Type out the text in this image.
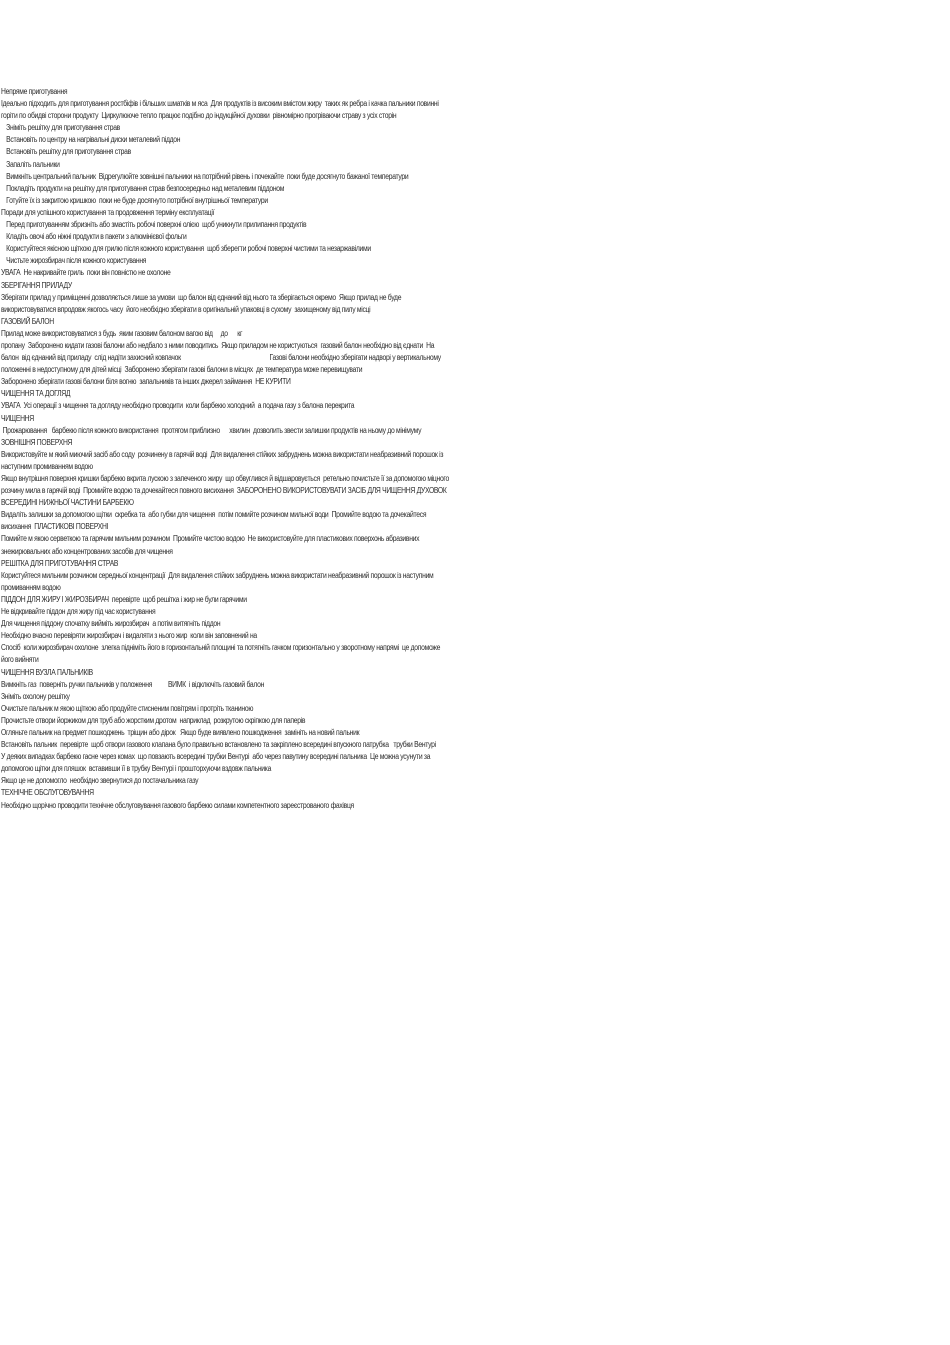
Непряме приготування

Ідеально підходить для приготування ростбіфів і більших шматків м яса  Для продуктів із високим вмістом жиру  таких як ребра і качка пальники повинні горіти по обидві сторони продукту  Циркулююче тепло працює подібно до індукційної духовки  рівномірно прогріваючи страву з усіх сторін

Зніміть решітку для приготування страв

Встановіть по центру на нагрівальні диски металевий піддон

Встановіть решітку для приготування страв

Запаліть пальники

Вимкніть центральний пальник  Відрегулюйте зовнішні пальники на потрібний рівень і почекайте  поки буде досягнуто бажаної температури

Покладіть продукти на решітку для приготування страв безпосередньо над металевим піддоном

Готуйте їх із закритою кришкою  поки не буде досягнуто потрібної внутрішньої температури

Поради для успішного користування та продовження терміну експлуатації

Перед приготуванням збризніть або змастіть робочі поверхні олією  щоб уникнути прилипання продуктів

Кладіть овочі або ніжні продукти в пакети з алюмінієвої фольги

Користуйтеся якісною щіткою для грилю після кожного користування  щоб зберегти робочі поверхні чистими та незаржавілими

Чистьте жирозбирач після кожного користування

УВАГА  Не накривайте гриль  поки він повністю не охолоне

ЗБЕРІГАННЯ ПРИЛАДУ

Зберігати прилад у приміщенні дозволяється лише за умови  що балон від єднаний від нього та зберігається окремо  Якщо прилад не буде використовуватися впродовж якогось часу  його необхідно зберігати в оригінальній упаковці в сухому  захищеному від пилу місці

ГАЗОВИЙ БАЛОН

Прилад може використовуватися з будь  яким газовим балоном вагою від     до      кг
пропану  Заборонено кидати газові балони або недбало з ними поводитись  Якщо приладом не користуються  газовий балон необхідно від єднати  На балон  від єднаний від приладу  слід надіти захисний ковпачок                                                        Газові балони необхідно зберігати надворі у вертикальному положенні в недоступному для дітей місці  Заборонено зберігати газові балони в місцях  де температура може перевищувати

Заборонено зберігати газові балони біля вогню  запальників та інших джерел займання  НЕ КУРИТИ

ЧИЩЕННЯ ТА ДОГЛЯД

УВАГА  Усі операції з чищення та догляду необхідно проводити  коли барбекю холодний  а подача газу з балона перекрита

ЧИЩЕННЯ

Прожарювання   барбекю після кожного використання  протягом приблизно      хвилин  дозволить звести залишки продуктів на ньому до мінімуму

ЗОВНІШНЯ ПОВЕРХНЯ

Використовуйте м який миючий засіб або соду  розчинену в гарячій воді  Для видалення стійких забруднень можна використати неабразивний порошок із наступним промиванням водою

Якщо внутрішня поверхня кришки барбекю вкрита лускою з запеченого жиру  що обвуглився й відшаровується  ретельно почистьте її за допомогою міцного розчину мила в гарячій воді  Промийте водою та дочекайтеся повного висихання  ЗАБОРОНЕНО ВИКОРИСТОВУВАТИ ЗАСІБ ДЛЯ ЧИЩЕННЯ ДУХОВОК

ВСЕРЕДИНІ НИЖНЬОЇ ЧАСТИНИ БАРБЕКЮ

Видаліть залишки за допомогою щітки  скребка та  або губки для чищення  потім помийте розчином мильної води  Промийте водою та дочекайтеся висихання  ПЛАСТИКОВІ ПОВЕРХНІ

Помийте м якою серветкою та гарячим мильним розчином  Промийте чистою водою  Не використовуйте для пластикових поверхонь абразивних  знежирювальних або концентрованих засобів для чищення

РЕШІТКА ДЛЯ ПРИГОТУВАННЯ СТРАВ

Користуйтеся мильним розчином середньої концентрації  Для видалення стійких забруднень можна використати неабразивний порошок із наступним промиванням водою

ПІДДОН ДЛЯ ЖИРУ І ЖИРОЗБИРАЧ  перевірте  щоб решітка і жир не були гарячими

Не відкривайте піддон для жиру під час користування

Для чищення піддону спочатку вийміть жирозбирач  а потім витягніть піддон

Необхідно вчасно перевіряти жирозбирач і видаляти з нього жир  коли він заповнений на

Спосіб  коли жирозбирач охолоне  злегка підніміть його в горизонтальній площині та потягніть гачком горизонтально у зворотному напрямі  це допоможе його вийняти

ЧИЩЕННЯ ВУЗЛА ПАЛЬНИКІВ

Вимкніть газ  поверніть ручки пальників у положення          ВИМК  і відключіть газовий балон

Зніміть охолону решітку

Очистьте пальник м якою щіткою або продуйте стисненим повітрям і протріть тканиною

Прочистьте отвори йоржиком для труб або жорстким дротом  наприклад  розкрутою скріпкою для паперів

Огляньте пальник на предмет пошкоджень  тріщин або дірок   Якщо буде виявлено пошкодження  замініть на новий пальник

Встановіть пальник  перевірте  щоб отвори газового клапана було правильно встановлено та закріплено всередині впускного патрубка   трубки Вентурі

У деяких випадках барбекю гасне через комах  що повзають всередині трубки Вентурі  або через павутину всередині пальника  Це можна усунути за допомогою щітки для пляшок  вставивши її в трубку Вентурі і прошторхуючи вздовж пальника

Якщо це не допомогло  необхідно звернутися до постачальника газу

ТЕХНІЧНЕ ОБСЛУГОВУВАННЯ

Необхідно щорічно проводити технічне обслуговування газового барбекю силами компетентного зареєстрованого фахівця
